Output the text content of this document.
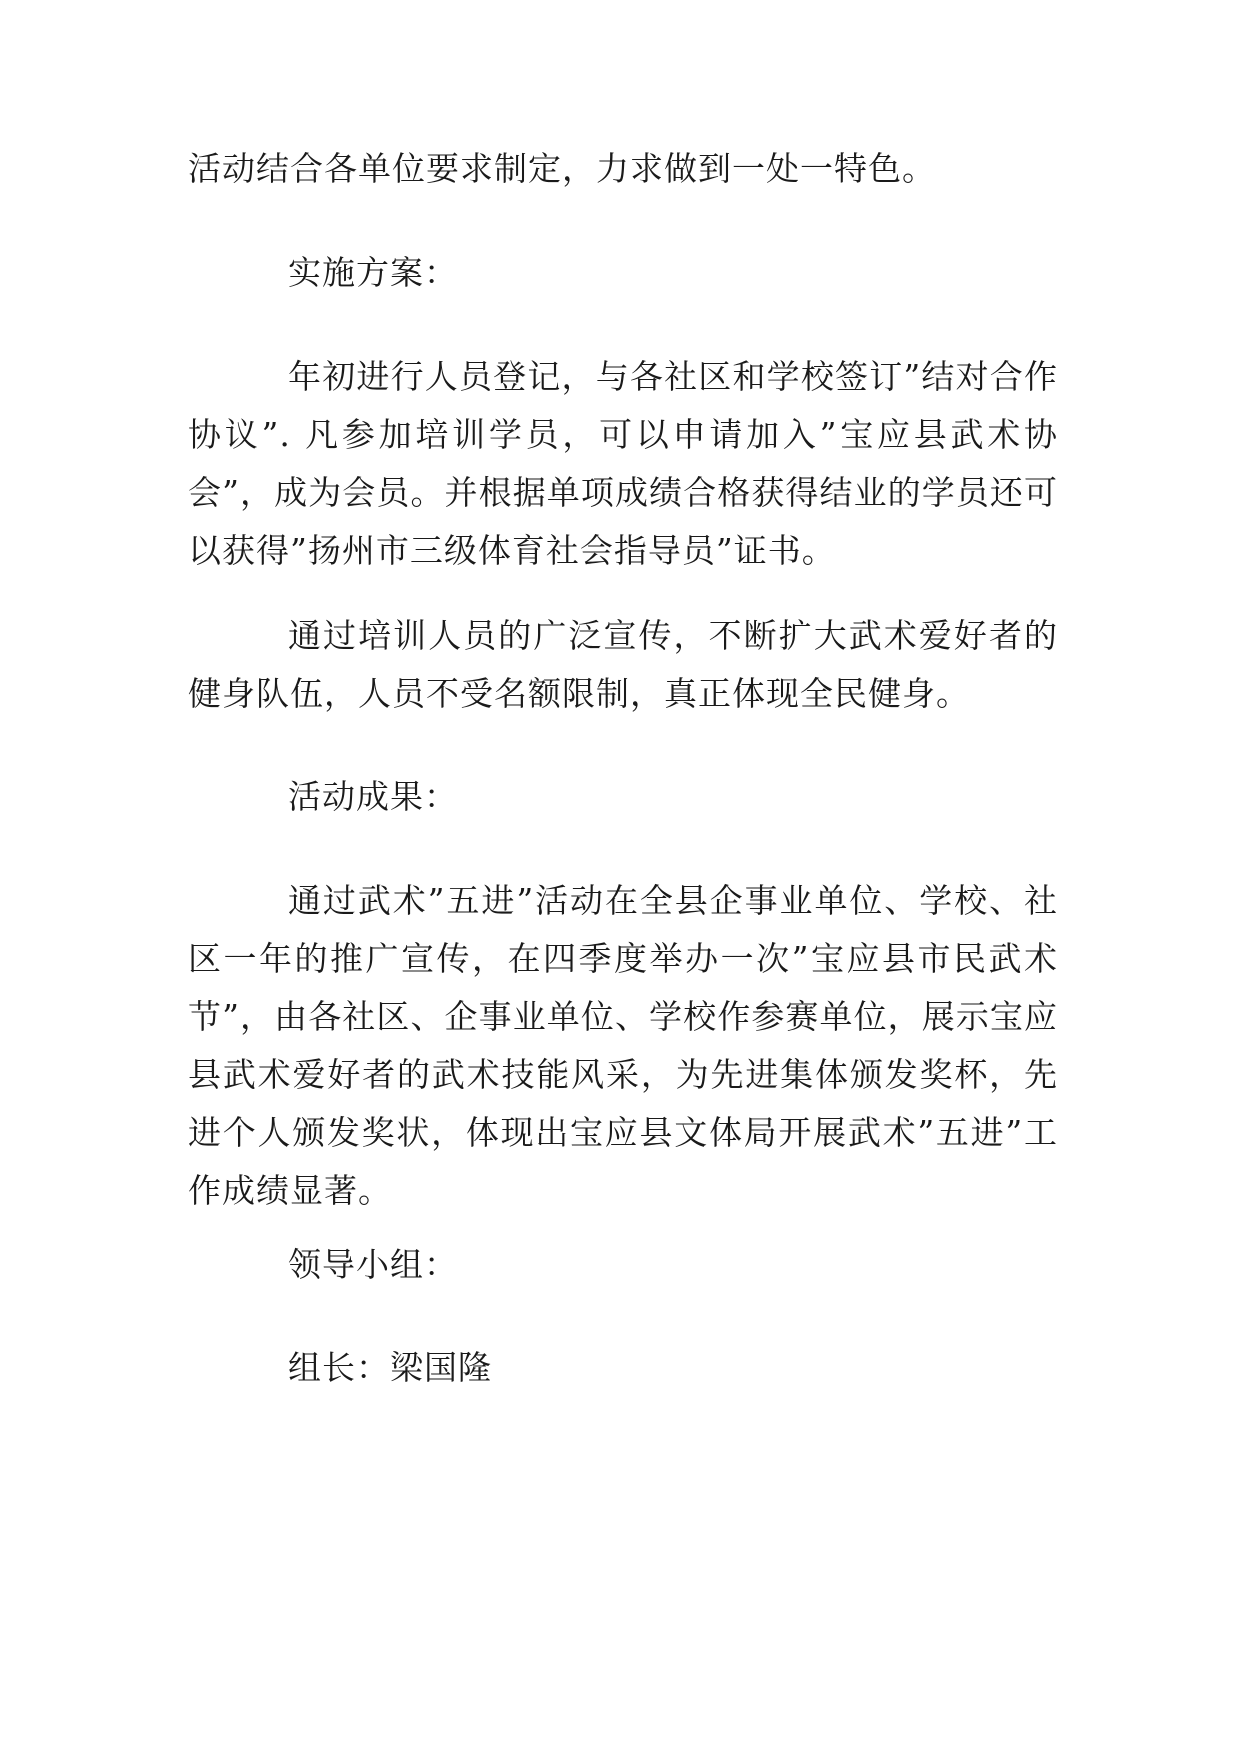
活动结合各单位要求制定，力求做到一处一特色。

实施方案：

年初进行人员登记，与各社区和学校签订”结对合作协议”. 凡参加培训学员，可以申请加入”宝应县武术协会”，成为会员。并根据单项成绩合格获得结业的学员还可以获得”扬州市三级体育社会指导员”证书。

通过培训人员的广泛宣传，不断扩大武术爱好者的健身队伍，人员不受名额限制，真正体现全民健身。

活动成果：

通过武术”五进”活动在全县企事业单位、学校、社区一年的推广宣传，在四季度举办一次”宝应县市民武术节”，由各社区、企事业单位、学校作参赛单位，展示宝应县武术爱好者的武术技能风采，为先进集体颁发奖杯，先进个人颁发奖状，体现出宝应县文体局开展武术”五进”工作成绩显著。

领导小组：

组长：梁国隆
